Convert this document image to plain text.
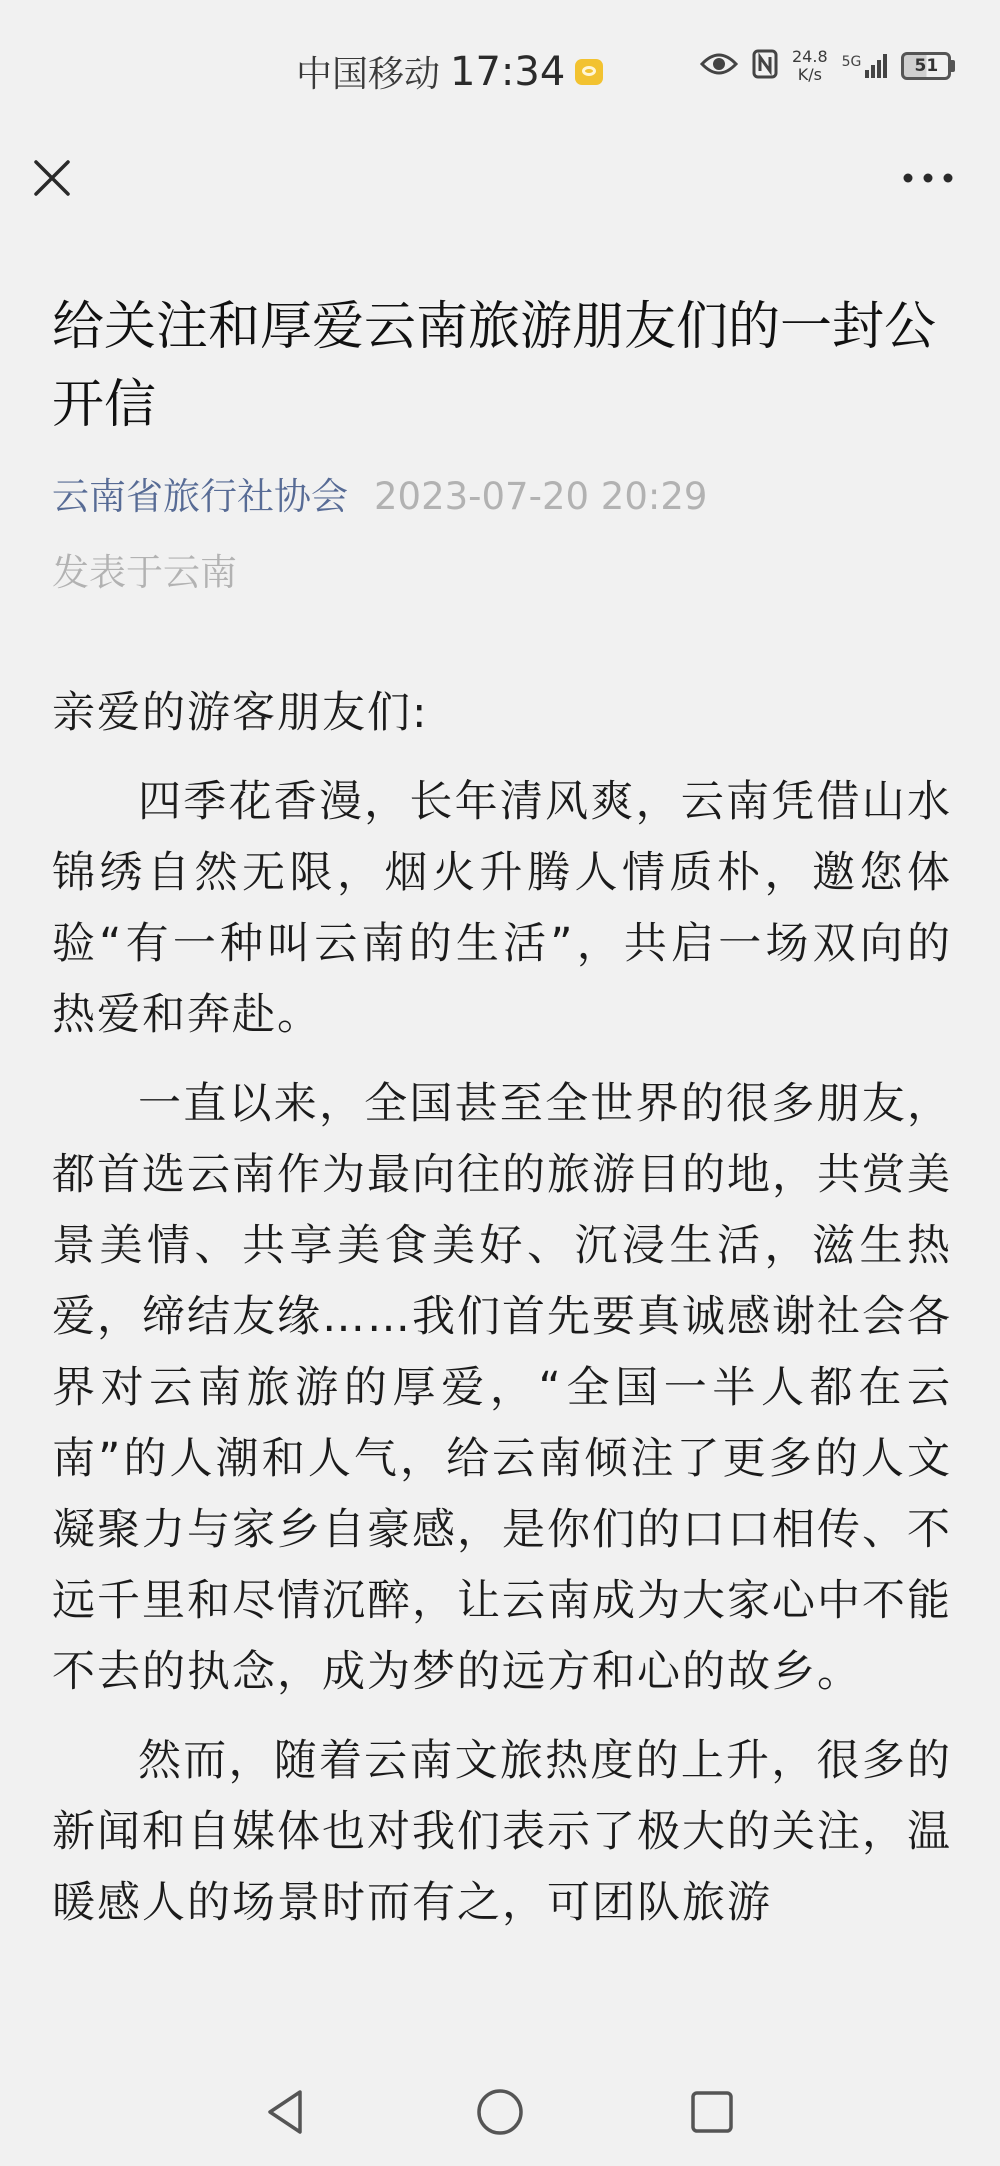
中国移动 17:34	24.8
K/s
5G	51
给关注和厚爱云南旅游朋友们的一封公开信
云南省旅行社协会 2023-07-20 20:29
发表于云南

亲爱的游客朋友们:

四季花香漫，长年清风爽，云南凭借山水锦绣自然无限，烟火升腾人情质朴，邀您体验“有一种叫云南的生活”，共启一场双向的热爱和奔赴。

一直以来，全国甚至全世界的很多朋友，都首选云南作为最向往的旅游目的地，共赏美景美情、共享美食美好、沉浸生活，滋生热爱，缔结友缘……我们首先要真诚感谢社会各界对云南旅游的厚爱，“全国一半人都在云南”的人潮和人气，给云南倾注了更多的人文凝聚力与家乡自豪感，是你们的口口相传、不远千里和尽情沉醉，让云南成为大家心中不能不去的执念，成为梦的远方和心的故乡。

然而，随着云南文旅热度的上升，很多的新闻和自媒体也对我们表示了极大的关注，温暖感人的场景时而有之，可团队旅游
